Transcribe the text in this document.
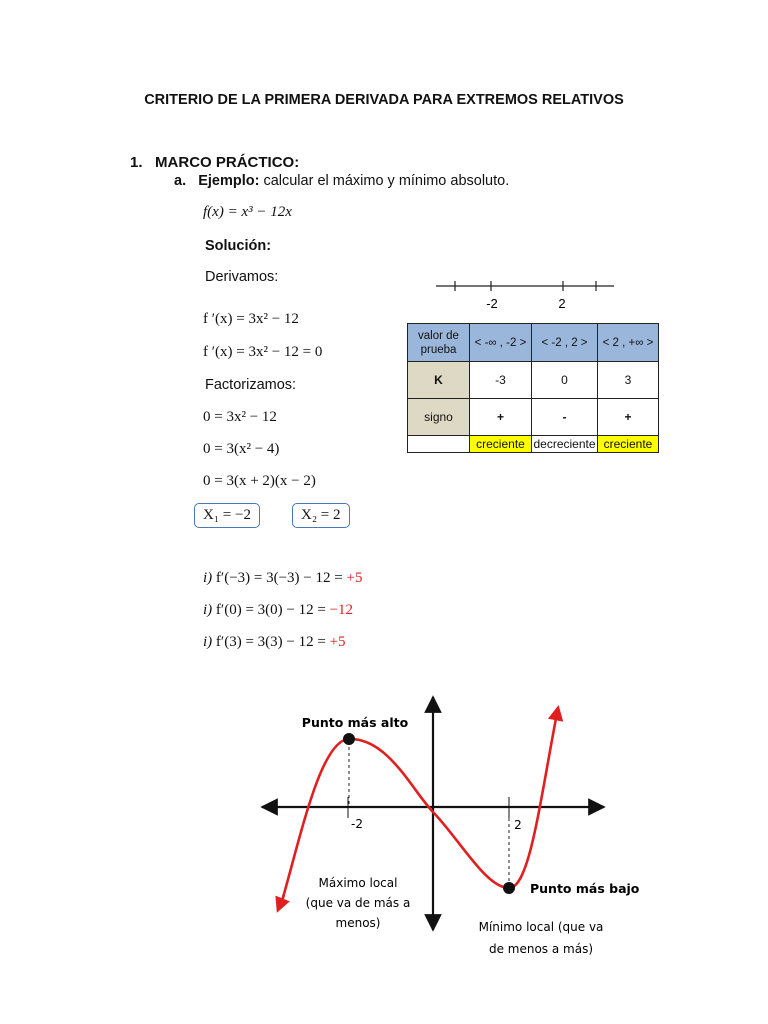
CRITERIO DE LA PRIMERA DERIVADA PARA EXTREMOS RELATIVOS
1. MARCO PRÁCTICO:
a. Ejemplo: calcular el máximo y mínimo absoluto.
f(x) = x³ − 12x
Solución:
Derivamos:
f ′(x) = 3x² − 12
f ′(x) = 3x² − 12 = 0
Factorizamos:
0 = 3x² − 12
0 = 3(x² − 4)
0 = 3(x + 2)(x − 2)
X₁ = −2	X₂ = 2
i) f′(−3) = 3(−3) − 12 = +5
i) f′(0) = 3(0) − 12 = −12
i) f′(3) = 3(3) − 12 = +5
-2	2
valor de prueba	< -∞ , -2 >	< -2 , 2 >	< 2 , +∞ >
K	-3	0	3
signo	+	-	+
	creciente	decreciente	creciente
Punto más alto
Punto más bajo
-2	2
Máximo local
(que va de más a
menos)	Mínimo local (que va
de menos a más)
